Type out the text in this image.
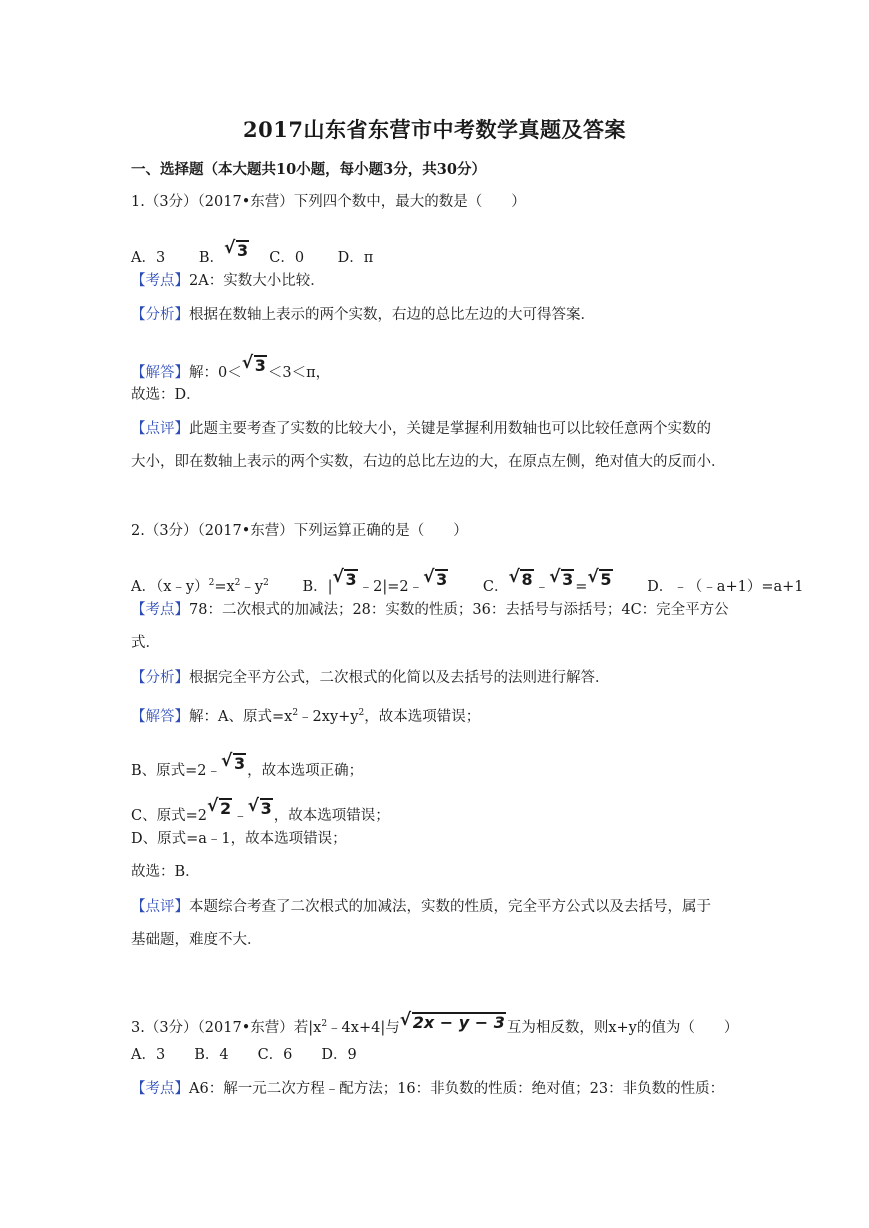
2017山东省东营市中考数学真题及答案
一、选择题（本大题共10小题，每小题3分，共30分）
1.（3分）（2017•东营）下列四个数中，最大的数是（　　）
A．3　　 B． √ 3　 C．0　　 D．π
【考点】2A：实数大小比较．
【分析】根据在数轴上表示的两个实数，右边的总比左边的大可得答案．
【解答】解：0＜ √ 3 ＜3＜π，
故选：D．
【点评】此题主要考查了实数的比较大小，关键是掌握利用数轴也可以比较任意两个实数的
大小，即在数轴上表示的两个实数，右边的总比左边的大，在原点左侧，绝对值大的反而小．
2.（3分）（2017•东营）下列运算正确的是（　　）
A．$(x﹣y)^2=x^2﹣y^2$　　 B．| √ 3 ﹣2|=2﹣ √ 3　　 C． √ 8 ﹣ √ 3 = √ 5　　 D．﹣（﹣a+1）=a+1
【考点】78：二次根式的加减法；28：实数的性质；36：去括号与添括号；4C：完全平方公
式．
【分析】根据完全平方公式，二次根式的化简以及去括号的法则进行解答．
【解答】解：A、原式$=x^2﹣2xy+y^2$，故本选项错误；
B、原式=2﹣ √ 3 ，故本选项正确；
C、原式=2 √ 2 ﹣ √ 3 ，故本选项错误；
D、原式=a﹣1，故本选项错误；
故选：B．
【点评】本题综合考查了二次根式的加减法，实数的性质，完全平方公式以及去括号，属于
基础题，难度不大．
3.（3分）（2017•东营）若$|x^2﹣4x+4|$与 √ 2x − y − 3 互为相反数，则x+y的值为（　　）
A．3　　B．4　　C．6　　D．9
【考点】A6：解一元二次方程﹣配方法；16：非负数的性质：绝对值；23：非负数的性质：
